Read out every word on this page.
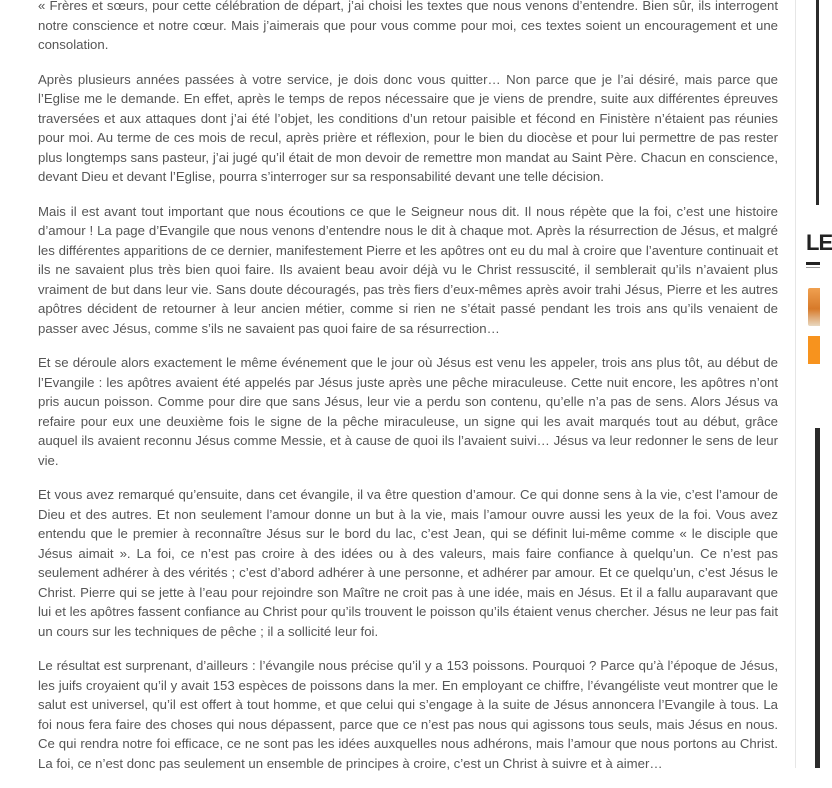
« Frères et sœurs, pour cette célébration de départ, j’ai choisi les textes que nous venons d’entendre. Bien sûr, ils interrogent notre conscience et notre cœur. Mais j’aimerais que pour vous comme pour moi, ces textes soient un encouragement et une consolation.

Après plusieurs années passées à votre service, je dois donc vous quitter… Non parce que je l’ai désiré, mais parce que l’Eglise me le demande. En effet, après le temps de repos nécessaire que je viens de prendre, suite aux différentes épreuves traversées et aux attaques dont j’ai été l’objet, les conditions d’un retour paisible et fécond en Finistère n’étaient pas réunies pour moi. Au terme de ces mois de recul, après prière et réflexion, pour le bien du diocèse et pour lui permettre de pas rester plus longtemps sans pasteur, j’ai jugé qu’il était de mon devoir de remettre mon mandat au Saint Père. Chacun en conscience, devant Dieu et devant l’Eglise, pourra s’interroger sur sa responsabilité devant une telle décision.

Mais il est avant tout important que nous écoutions ce que le Seigneur nous dit. Il nous répète que la foi, c’est une histoire d’amour ! La page d’Evangile que nous venons d’entendre nous le dit à chaque mot. Après la résurrection de Jésus, et malgré les différentes apparitions de ce dernier, manifestement Pierre et les apôtres ont eu du mal à croire que l’aventure continuait et ils ne savaient plus très bien quoi faire. Ils avaient beau avoir déjà vu le Christ ressuscité, il semblerait qu’ils n’avaient plus vraiment de but dans leur vie. Sans doute découragés, pas très fiers d’eux-mêmes après avoir trahi Jésus, Pierre et les autres apôtres décident de retourner à leur ancien métier, comme si rien ne s’était passé pendant les trois ans qu’ils venaient de passer avec Jésus, comme s’ils ne savaient pas quoi faire de sa résurrection…

Et se déroule alors exactement le même événement que le jour où Jésus est venu les appeler, trois ans plus tôt, au début de l’Evangile : les apôtres avaient été appelés par Jésus juste après une pêche miraculeuse. Cette nuit encore, les apôtres n’ont pris aucun poisson. Comme pour dire que sans Jésus, leur vie a perdu son contenu, qu’elle n’a pas de sens. Alors Jésus va refaire pour eux une deuxième fois le signe de la pêche miraculeuse, un signe qui les avait marqués tout au début, grâce auquel ils avaient reconnu Jésus comme Messie, et à cause de quoi ils l’avaient suivi… Jésus va leur redonner le sens de leur vie.

Et vous avez remarqué qu’ensuite, dans cet évangile, il va être question d’amour. Ce qui donne sens à la vie, c’est l’amour de Dieu et des autres. Et non seulement l’amour donne un but à la vie, mais l’amour ouvre aussi les yeux de la foi. Vous avez entendu que le premier à reconnaître Jésus sur le bord du lac, c’est Jean, qui se définit lui-même comme « le disciple que Jésus aimait ». La foi, ce n’est pas croire à des idées ou à des valeurs, mais faire confiance à quelqu’un. Ce n’est pas seulement adhérer à des vérités ; c’est d’abord adhérer à une personne, et adhérer par amour. Et ce quelqu’un, c’est Jésus le Christ. Pierre qui se jette à l’eau pour rejoindre son Maître ne croit pas à une idée, mais en Jésus. Et il a fallu auparavant que lui et les apôtres fassent confiance au Christ pour qu’ils trouvent le poisson qu’ils étaient venus chercher. Jésus ne leur pas fait un cours sur les techniques de pêche ; il a sollicité leur foi.

Le résultat est surprenant, d’ailleurs : l’évangile nous précise qu’il y a 153 poissons. Pourquoi ? Parce qu’à l’époque de Jésus, les juifs croyaient qu’il y avait 153 espèces de poissons dans la mer. En employant ce chiffre, l’évangéliste veut montrer que le salut est universel, qu’il est offert à tout homme, et que celui qui s’engage à la suite de Jésus annoncera l’Evangile à tous. La foi nous fera faire des choses qui nous dépassent, parce que ce n’est pas nous qui agissons tous seuls, mais Jésus en nous. Ce qui rendra notre foi efficace, ce ne sont pas les idées auxquelles nous adhérons, mais l’amour que nous portons au Christ. La foi, ce n’est donc pas seulement un ensemble de principes à croire, c’est un Christ à suivre et à aimer…

LE
